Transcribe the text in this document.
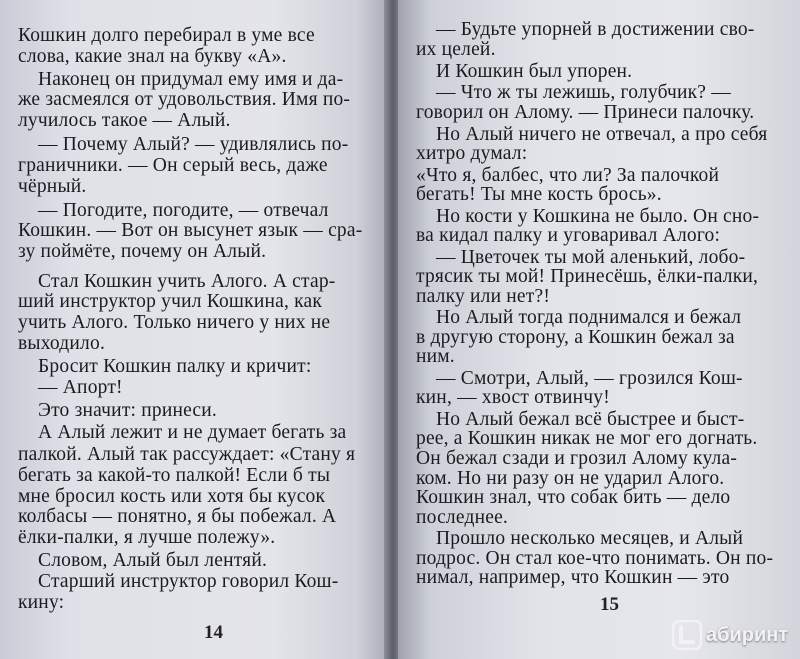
Кошкин долго перебирал в уме все
слова, какие знал на букву «А».
Наконец он придумал ему имя и да-
же засмеялся от удовольствия. Имя по-
лучилось такое — Алый.
— Почему Алый? — удивлялись по-
граничники. — Он серый весь, даже
чёрный.
— Погодите, погодите, — отвечал
Кошкин. — Вот он высунет язык — сра-
зу поймёте, почему он Алый.
Стал Кошкин учить Алого. А стар-
ший инструктор учил Кошкина, как
учить Алого. Только ничего у них не
выходило.
Бросит Кошкин палку и кричит:
— Апорт!
Это значит: принеси.
А Алый лежит и не думает бегать за
палкой. Алый так рассуждает: «Стану я
бегать за какой-то палкой! Если б ты
мне бросил кость или хотя бы кусок
колбасы — понятно, я бы побежал. А
ёлки-палки, я лучше полежу».
Словом, Алый был лентяй.
Старший инструктор говорил Кош-
кину:
14
— Будьте упорней в достижении сво-
их целей.
И Кошкин был упорен.
— Что ж ты лежишь, голубчик? —
говорил он Алому. — Принеси палочку.
Но Алый ничего не отвечал, а про себя
хитро думал:
«Что я, балбес, что ли? За палочкой
бегать! Ты мне кость брось».
Но кости у Кошкина не было. Он сно-
ва кидал палку и уговаривал Алого:
— Цветочек ты мой аленький, лобо-
трясик ты мой! Принесёшь, ёлки-палки,
палку или нет?!
Но Алый тогда поднимался и бежал
в другую сторону, а Кошкин бежал за
ним.
— Смотри, Алый, — грозился Кош-
кин, — хвост отвинчу!
Но Алый бежал всё быстрее и быст-
рее, а Кошкин никак не мог его догнать.
Он бежал сзади и грозил Алому кула-
ком. Но ни разу он не ударил Алого.
Кошкин знал, что собак бить — дело
последнее.
Прошло несколько месяцев, и Алый
подрос. Он стал кое-что понимать. Он по-
нимал, например, что Кошкин — это
15
абиринт
